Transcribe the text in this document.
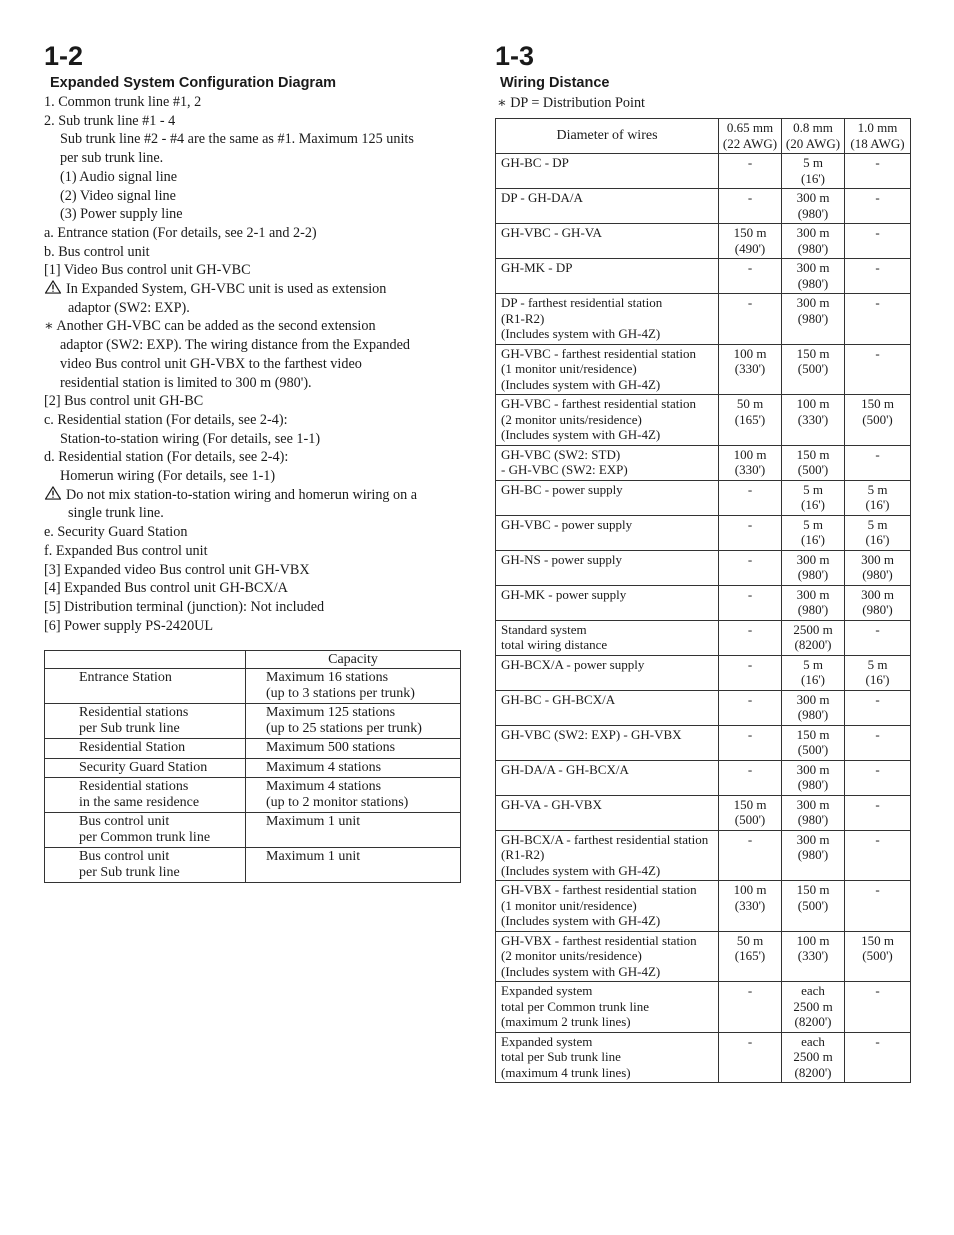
1-2
Expanded System Configuration Diagram
1. Common trunk line #1, 2
2. Sub trunk line #1 - 4
Sub trunk line #2 - #4 are the same as #1. Maximum 125 units
per sub trunk line.
(1) Audio signal line
(2) Video signal line
(3) Power supply line
a. Entrance station (For details, see 2-1 and 2-2)
b. Bus control unit
[1] Video Bus control unit GH-VBC
In Expanded System, GH-VBC unit is used as extension
adaptor (SW2: EXP).
∗ Another GH-VBC can be added as the second extension
adaptor (SW2: EXP). The wiring distance from the Expanded
video Bus control unit GH-VBX to the farthest video
residential station is limited to 300 m (980').
[2] Bus control unit GH-BC
c. Residential station (For details, see 2-4):
Station-to-station wiring (For details, see 1-1)
d. Residential station (For details, see 2-4):
Homerun wiring (For details, see 1-1)
Do not mix station-to-station wiring and homerun wiring on a
single trunk line.
e. Security Guard Station
f. Expanded Bus control unit
[3] Expanded video Bus control unit GH-VBX
[4] Expanded Bus control unit GH-BCX/A
[5] Distribution terminal (junction): Not included
[6] Power supply PS-2420UL
	Capacity

Entrance Station	Maximum 16 stations
(up to 3 stations per trunk)

Residential stations
per Sub trunk line	Maximum 125 stations
(up to 25 stations per trunk)

Residential Station	Maximum 500 stations

Security Guard Station	Maximum 4 stations

Residential stations
in the same residence	Maximum 4 stations
(up to 2 monitor stations)

Bus control unit
per Common trunk line	Maximum 1 unit

Bus control unit
per Sub trunk line	Maximum 1 unit
1-3
Wiring Distance
∗ DP = Distribution Point
Diameter of wires	0.65 mm
(22 AWG)	0.8 mm
(20 AWG)	1.0 mm
(18 AWG)

GH-BC - DP	-	5 m
(16')	-

DP - GH-DA/A	-	300 m
(980')	-

GH-VBC - GH-VA	150 m
(490')	300 m
(980')	-

GH-MK - DP	-	300 m
(980')	-

DP - farthest residential station
(R1-R2)
(Includes system with GH-4Z)	-	300 m
(980')	-

GH-VBC - farthest residential station
(1 monitor unit/residence)
(Includes system with GH-4Z)	100 m
(330')	150 m
(500')	-

GH-VBC - farthest residential station
(2 monitor units/residence)
(Includes system with GH-4Z)	50 m
(165')	100 m
(330')	150 m
(500')

GH-VBC (SW2: STD)
- GH-VBC (SW2: EXP)	100 m
(330')	150 m
(500')	-

GH-BC - power supply	-	5 m
(16')	5 m
(16')

GH-VBC - power supply	-	5 m
(16')	5 m
(16')

GH-NS - power supply	-	300 m
(980')	300 m
(980')

GH-MK - power supply	-	300 m
(980')	300 m
(980')

Standard system
total wiring distance	-	2500 m
(8200')	-

GH-BCX/A - power supply	-	5 m
(16')	5 m
(16')

GH-BC - GH-BCX/A	-	300 m
(980')	-

GH-VBC (SW2: EXP) - GH-VBX	-	150 m
(500')	-

GH-DA/A - GH-BCX/A	-	300 m
(980')	-

GH-VA - GH-VBX	150 m
(500')	300 m
(980')	-

GH-BCX/A - farthest residential station
(R1-R2)
(Includes system with GH-4Z)	-	300 m
(980')	-

GH-VBX - farthest residential station
(1 monitor unit/residence)
(Includes system with GH-4Z)	100 m
(330')	150 m
(500')	-

GH-VBX - farthest residential station
(2 monitor units/residence)
(Includes system with GH-4Z)	50 m
(165')	100 m
(330')	150 m
(500')

Expanded system
total per Common trunk line
(maximum 2 trunk lines)	-	each
2500 m
(8200')	-

Expanded system
total per Sub trunk line
(maximum 4 trunk lines)	-	each
2500 m
(8200')	-
